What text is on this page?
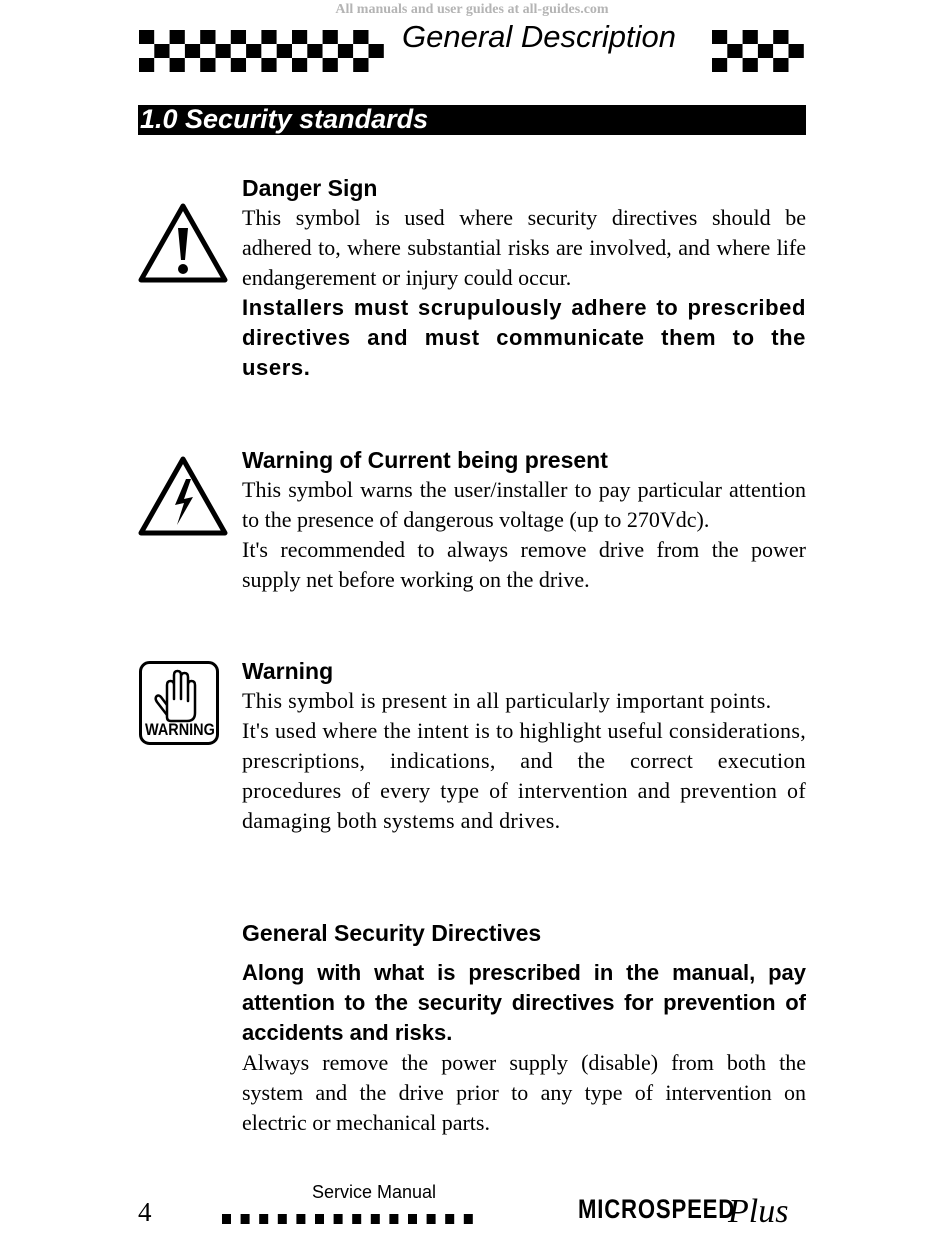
All manuals and user guides at all-guides.com
General Description
1.0 Security standards
Danger Sign
This symbol is used where security directives should be adhered to, where substantial risks are involved, and where life endangerement or injury could occur.
Installers must scrupulously adhere to prescribed directives and must communicate them to the users.
Warning of Current being present
This symbol warns the user/installer to pay particular attention to the presence of dangerous voltage (up to 270Vdc).
It's recommended to always remove drive from the power supply net before working on the drive.
WARNING
Warning
This symbol is present in all particularly important points.
It's used where the intent is to highlight useful considerations, prescriptions, indications, and the correct execution procedures of every type of intervention and prevention of damaging both systems and drives.
General Security Directives
Along with what is prescribed in the manual, pay attention to the security directives for prevention of accidents and risks.
Always remove the power supply (disable) from both the system and the drive prior to any type of intervention on electric or mechanical parts.
4
Service Manual
MICROSPEED
Plus
